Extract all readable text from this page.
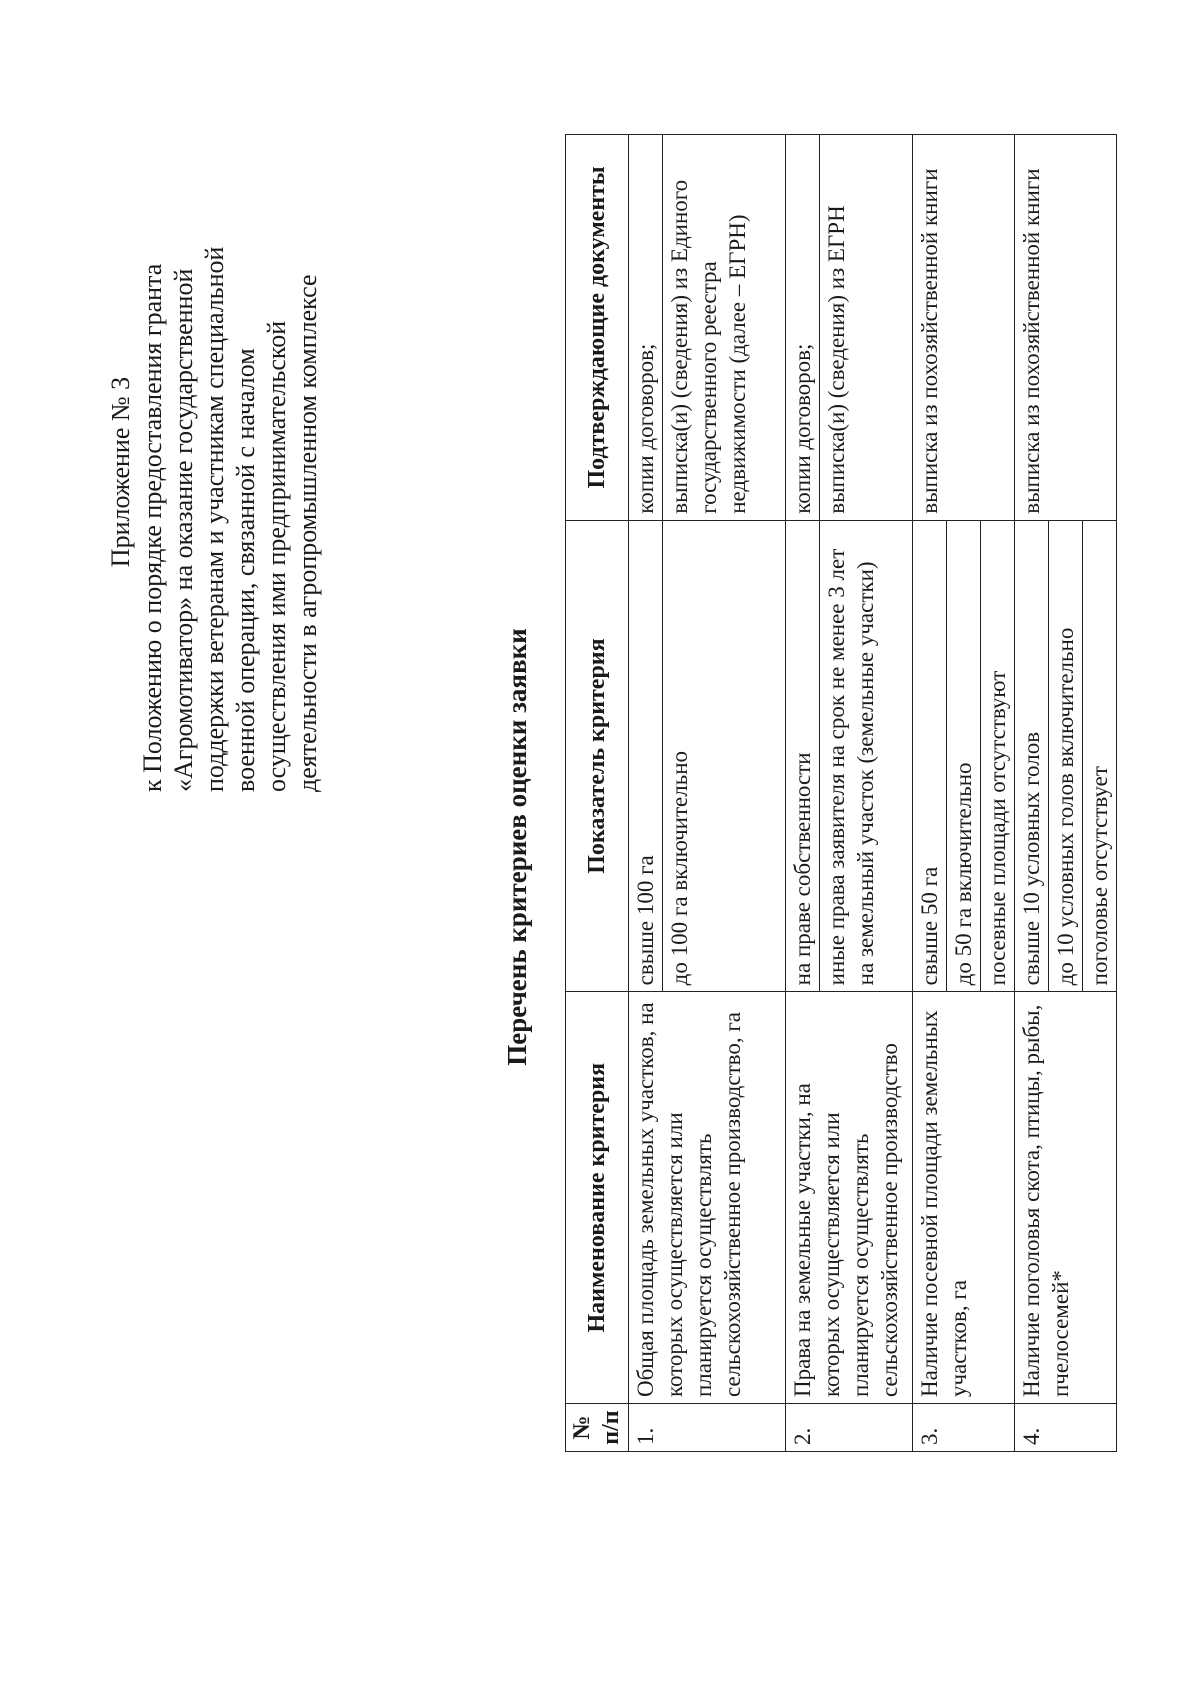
Приложение № 3 к Положению о порядке предоставления гранта «Агромотиватор» на оказание государственной поддержки ветеранам и участникам специальной военной операции, связанной с началом осуществления ими предпринимательской деятельности в агропромышленном комплексе
Перечень критериев оценки заявки
№ п/п	Наименование критерия	Показатель критерия	Подтверждающие документы
1.	Общая площадь земельных участков, на которых осуществляется или планируется осуществлять сельскохозяйственное производство, га	свыше 100 га	копии договоров;
		до 100 га включительно	выписка(и) (сведения) из Единого государственного реестра недвижимости (далее – ЕГРН)
2.	Права на земельные участки, на которых осуществляется или планируется осуществлять сельскохозяйственное производство	на праве собственности	копии договоров;
		иные права заявителя на срок не менее 3 лет на земельный участок (земельные участки)	выписка(и) (сведения) из ЕГРН
3.	Наличие посевной площади земельных участков, га	свыше 50 га	выписка из похозяйственной книги
		до 50 га включительно	
		посевные площади отсутствуют	
4.	Наличие поголовья скота, птицы, рыбы, пчелосемей*	свыше 10 условных голов	выписка из похозяйственной книги
		до 10 условных голов включительно	
		поголовье отсутствует	
